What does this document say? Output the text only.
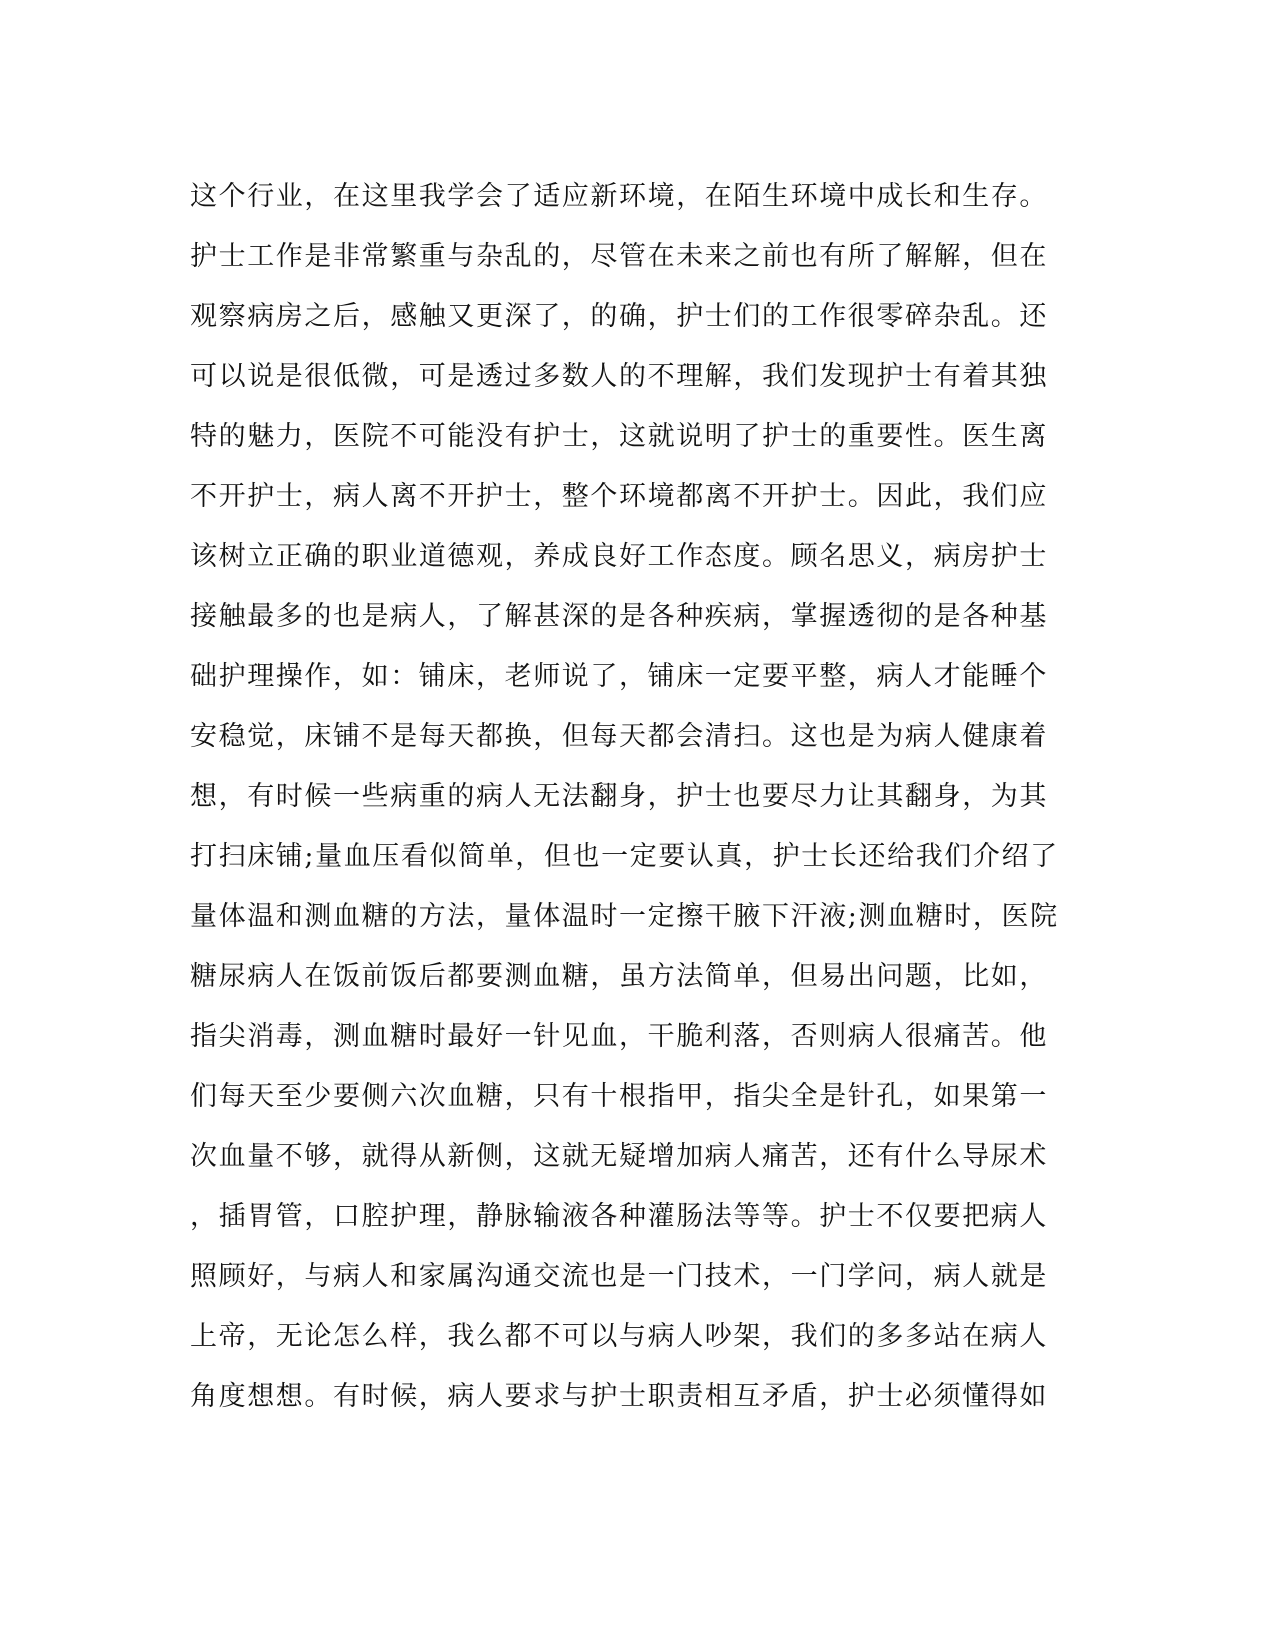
这个行业，在这里我学会了适应新环境，在陌生环境中成长和生存。
护士工作是非常繁重与杂乱的，尽管在未来之前也有所了解解，但在
观察病房之后，感触又更深了，的确，护士们的工作很零碎杂乱。还
可以说是很低微，可是透过多数人的不理解，我们发现护士有着其独
特的魅力，医院不可能没有护士，这就说明了护士的重要性。医生离
不开护士，病人离不开护士，整个环境都离不开护士。因此，我们应
该树立正确的职业道德观，养成良好工作态度。顾名思义，病房护士
接触最多的也是病人，了解甚深的是各种疾病，掌握透彻的是各种基
础护理操作，如：铺床，老师说了，铺床一定要平整，病人才能睡个
安稳觉，床铺不是每天都换，但每天都会清扫。这也是为病人健康着
想，有时候一些病重的病人无法翻身，护士也要尽力让其翻身，为其
打扫床铺;量血压看似简单，但也一定要认真，护士长还给我们介绍了
量体温和测血糖的方法，量体温时一定擦干腋下汗液;测血糖时，医院
糖尿病人在饭前饭后都要测血糖，虽方法简单，但易出问题，比如，
指尖消毒，测血糖时最好一针见血，干脆利落，否则病人很痛苦。他
们每天至少要侧六次血糖，只有十根指甲，指尖全是针孔，如果第一
次血量不够，就得从新侧，这就无疑增加病人痛苦，还有什么导尿术
，插胃管，口腔护理，静脉输液各种灌肠法等等。护士不仅要把病人
照顾好，与病人和家属沟通交流也是一门技术，一门学问，病人就是
上帝，无论怎么样，我么都不可以与病人吵架，我们的多多站在病人
角度想想。有时候，病人要求与护士职责相互矛盾，护士必须懂得如
